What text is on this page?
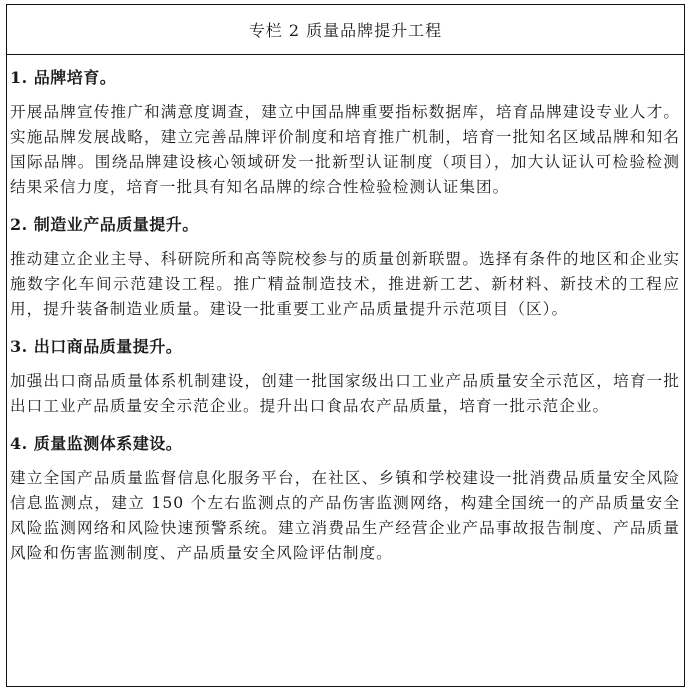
专栏 2 质量品牌提升工程
1. 品牌培育。
开展品牌宣传推广和满意度调查，建立中国品牌重要指标数据库，培育品牌建设专业人才。实施品牌发展战略，建立完善品牌评价制度和培育推广机制，培育一批知名区域品牌和知名国际品牌。围绕品牌建设核心领域研发一批新型认证制度（项目），加大认证认可检验检测结果采信力度，培育一批具有知名品牌的综合性检验检测认证集团。
2. 制造业产品质量提升。
推动建立企业主导、科研院所和高等院校参与的质量创新联盟。选择有条件的地区和企业实施数字化车间示范建设工程。推广精益制造技术，推进新工艺、新材料、新技术的工程应用，提升装备制造业质量。建设一批重要工业产品质量提升示范项目（区）。
3. 出口商品质量提升。
加强出口商品质量体系机制建设，创建一批国家级出口工业产品质量安全示范区，培育一批出口工业产品质量安全示范企业。提升出口食品农产品质量，培育一批示范企业。
4. 质量监测体系建设。
建立全国产品质量监督信息化服务平台，在社区、乡镇和学校建设一批消费品质量安全风险信息监测点，建立 150 个左右监测点的产品伤害监测网络，构建全国统一的产品质量安全风险监测网络和风险快速预警系统。建立消费品生产经营企业产品事故报告制度、产品质量风险和伤害监测制度、产品质量安全风险评估制度。
